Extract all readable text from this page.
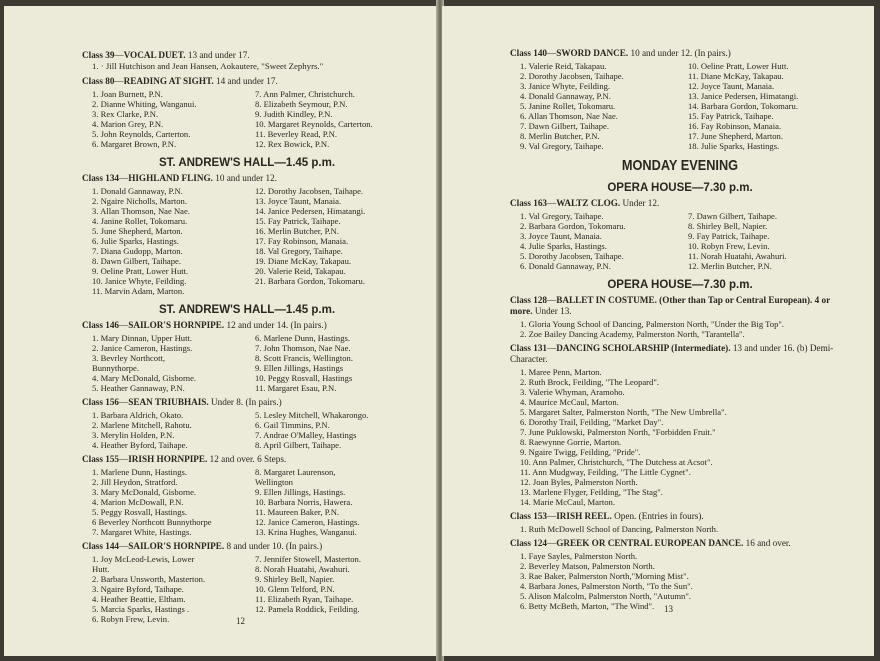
Class 39—VOCAL DUET. 13 and under 17.
1. · Jill Hutchison and Jean Hansen, Aokautere, "Sweet Zephyrs."
Class 80—READING AT SIGHT. 14 and under 17.
1. Joan Burnett, P.N.
2. Dianne Whiting, Wanganui.
3. Rex Clarke, P.N.
4. Marion Grey, P.N.
5. John Reynolds, Carterton.
6. Margaret Brown, P.N.
7. Ann Palmer, Christchurch.
8. Elizabeth Seymour, P.N.
9. Judith Kindley, P.N.
10. Margaret Reynolds, Carterton.
11. Beverley Read, P.N.
12. Rex Bowick, P.N.
ST. ANDREW'S HALL—1.45 p.m.
Class 134—HIGHLAND FLING. 10 and under 12.
1. Donald Gannaway, P.N.
2. Ngaire Nicholls, Marton.
3. Allan Thomson, Nae Nae.
4. Janine Rollet, Tokomaru.
5. June Shepherd, Marton.
6. Julie Sparks, Hastings.
7. Diana Gudopp, Marton.
8. Dawn Gilbert, Taihape.
9. Oeline Pratt, Lower Hutt.
10. Janice Whyte, Feilding.
11. Marvin Adam, Marton.
12. Dorothy Jacobsen, Taihape.
13. Joyce Taunt, Manaia.
14. Janice Pedersen, Himatangi.
15. Fay Patrick, Taihape.
16. Merlin Butcher, P.N.
17. Fay Robinson, Manaia.
18. Val Gregory, Taihape.
19. Diane McKay, Takapau.
20. Valerie Reid, Takapau.
21. Barbara Gordon, Tokomaru.
ST. ANDREW'S HALL—1.45 p.m.
Class 146—SAILOR'S HORNPIPE. 12 and under 14. (In pairs.)
1. Mary Dinnan, Upper Hutt.
2. Janice Cameron, Hastings.
3. Bevrley Northcott,
Bunnythorpe.
4. Mary McDonald, Gisborne.
5. Heather Gannaway, P.N.
6. Marlene Dunn, Hastings.
7. John Thomson, Nae Nae.
8. Scott Francis, Wellington.
9. Ellen Jillings, Hastings
10. Peggy Rosvall, Hastings
11. Margaret Esau, P.N.
Class 156—SEAN TRIUBHAIS. Under 8. (In pairs.)
1. Barbara Aldrich, Okato.
2. Marlene Mitchell, Rahotu.
3. Merylin Holden, P.N.
4. Heather Byford, Taihape.
5. Lesley Mitchell, Whakarongo.
6. Gail Timmins, P.N.
7. Andrae O'Malley, Hastings
8. April Gilbert, Taihape.
Class 155—IRISH HORNPIPE. 12 and over. 6 Steps.
1. Marlene Dunn, Hastings.
2. Jill Heydon, Stratford.
3. Mary McDonald, Gisborne.
4. Marion McDowall, P.N.
5. Peggy Rosvall, Hastings.
6 Beverley Northcott Bunnythorpe
7. Margaret White, Hastings.
8. Margaret Laurenson,
Wellington
9. Ellen Jillings, Hastings.
10. Barbara Norris, Hawera.
11. Maureen Baker, P.N.
12. Janice Cameron, Hastings.
13. Krina Hughes, Wanganui.
Class 144—SAILOR'S HORNPIPE. 8 and under 10. (In pairs.)
1. Joy McLeod-Lewis, Lower
Hutt.
2. Barbara Unsworth, Masterton.
3. Ngaire Byford, Taihape.
4. Heather Beattie, Eltham.
5. Marcia Sparks, Hastings .
6. Robyn Frew, Levin.
7. Jennifer Stowell, Masterton.
8. Norah Huatahi, Awahuri.
9. Shirley Bell, Napier.
10. Glenn Telford, P.N.
11. Elizabeth Ryan, Taihape.
12. Pamela Roddick, Feilding.
12
Class 140—SWORD DANCE. 10 and under 12. (In pairs.)
1. Valerie Reid, Takapau.
2. Dorothy Jacobsen, Taihape.
3. Janice Whyte, Feilding.
4. Donald Gannaway, P.N.
5. Janine Rollet, Tokomaru.
6. Allan Thomson, Nae Nae.
7. Dawn Gilbert, Taihape.
8. Merlin Butcher, P.N.
9. Val Gregory, Taihape.
10. Oeline Pratt, Lower Hutt.
11. Diane McKay, Takapau.
12. Joyce Taunt, Manaia.
13. Janice Pedersen, Himatangi.
14. Barbara Gordon, Tokomaru.
15. Fay Patrick, Taihape.
16. Fay Robinson, Manaia.
17. June Shepherd, Marton.
18. Julie Sparks, Hastings.
MONDAY EVENING
OPERA HOUSE—7.30 p.m.
Class 163—WALTZ CLOG. Under 12.
1. Val Gregory, Taihape.
2. Barbara Gordon, Tokomaru.
3. Joyce Taunt, Manaia.
4. Julie Sparks, Hastings.
5. Dorothy Jacobsen, Taihape.
6. Donald Gannaway, P.N.
7. Dawn Gilbert, Taihape.
8. Shirley Bell, Napier.
9. Fay Patrick, Taihape.
10. Robyn Frew, Levin.
11. Norah Huatahi, Awahuri.
12. Merlin Butcher, P.N.
OPERA HOUSE—7.30 p.m.
Class 128—BALLET IN COSTUME. (Other than Tap or Central European). 4 or more. Under 13.
1. Gloria Young School of Dancing, Palmerston North, "Under the Big Top".
2. Zoe Bailey Dancing Academy, Palmerston North, "Tarantella".
Class 131—DANCING SCHOLARSHIP (Intermediate). 13 and under 16. (b) Demi-Character.
1. Maree Penn, Marton.
2. Ruth Brock, Feilding, "The Leopard".
3. Valerie Whyman, Aramoho.
4. Maurice McCaul, Marton.
5. Margaret Salter, Palmerston North, "The New Umbrella".
6. Dorothy Trail, Feilding, "Market Day".
7. June Puklowski, Palmerston North, "Forbidden Fruit."
8. Raewynne Gorrie, Marton.
9. Ngaire Twigg, Feilding, "Pride".
10. Ann Palmer, Christchurch, "The Dutchess at Acsot".
11. Ann Mudgway, Feilding, "The Little Cygnet".
12. Joan Byles, Palmerston North.
13. Marlene Flyger, Feilding, "The Stag".
14. Marie McCaul, Marton.
Class 153—IRISH REEL. Open. (Entries in fours).
1. Ruth McDowell School of Dancing, Palmerston North.
Class 124—GREEK OR CENTRAL EUROPEAN DANCE. 16 and over.
1. Faye Sayles, Palmerston North.
2. Beverley Matson, Palmerston North.
3. Rae Baker, Palmerston North,"Morning Mist".
4. Barbara Jones, Palmerston North, "To the Sun".
5. Alison Malcolm, Palmerston North, "Autumn".
6. Betty McBeth, Marton, "The Wind".	13
